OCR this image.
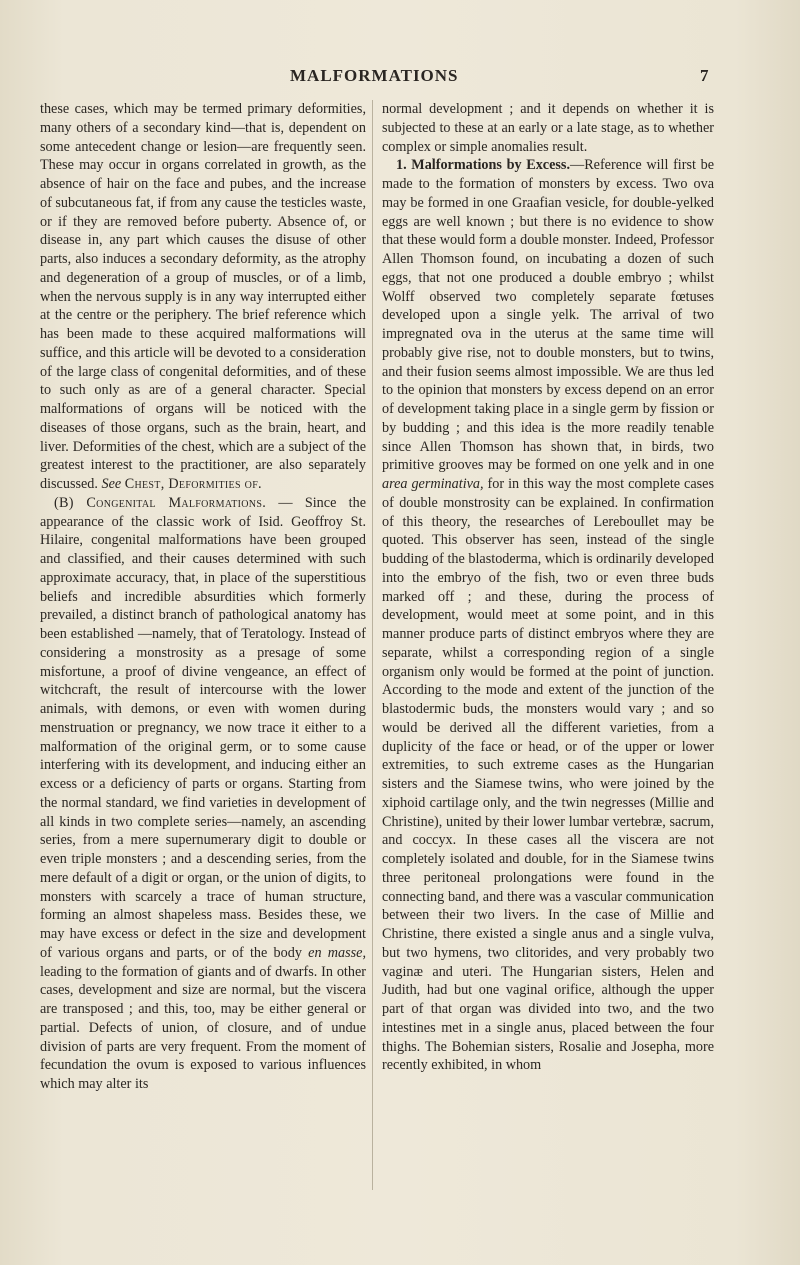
MALFORMATIONS	7

these cases, which may be termed primary deformities, many others of a secondary kind—that is, dependent on some antecedent change or lesion—are frequently seen. These may occur in organs correlated in growth, as the absence of hair on the face and pubes, and the increase of subcutaneous fat, if from any cause the testicles waste, or if they are removed before puberty. Absence of, or disease in, any part which causes the disuse of other parts, also induces a secondary deformity, as the atrophy and degeneration of a group of muscles, or of a limb, when the nervous supply is in any way interrupted either at the centre or the periphery. The brief reference which has been made to these acquired malformations will suffice, and this article will be devoted to a consideration of the large class of congenital deformities, and of these to such only as are of a general character. Special malformations of organs will be noticed with the diseases of those organs, such as the brain, heart, and liver. Deformities of the chest, which are a subject of the greatest interest to the practitioner, are also separately discussed. See Chest, Deformities of.

(B) Congenital Malformations. — Since the appearance of the classic work of Isid. Geoffroy St. Hilaire, congenital malformations have been grouped and classified, and their causes determined with such approximate accuracy, that, in place of the superstitious beliefs and incredible absurdities which formerly prevailed, a distinct branch of pathological anatomy has been established —namely, that of Teratology. Instead of considering a monstrosity as a presage of some misfortune, a proof of divine vengeance, an effect of witchcraft, the result of intercourse with the lower animals, with demons, or even with women during menstruation or pregnancy, we now trace it either to a malformation of the original germ, or to some cause interfering with its development, and inducing either an excess or a deficiency of parts or organs. Starting from the normal standard, we find varieties in development of all kinds in two complete series—namely, an ascending series, from a mere supernumerary digit to double or even triple monsters ; and a descending series, from the mere default of a digit or organ, or the union of digits, to monsters with scarcely a trace of human structure, forming an almost shapeless mass. Besides these, we may have excess or defect in the size and development of various organs and parts, or of the body en masse, leading to the formation of giants and of dwarfs. In other cases, development and size are normal, but the viscera are transposed ; and this, too, may be either general or partial. Defects of union, of closure, and of undue division of parts are very frequent. From the moment of fecundation the ovum is exposed to various influences which may alter its

normal development ; and it depends on whether it is subjected to these at an early or a late stage, as to whether complex or simple anomalies result.

1. Malformations by Excess.—Reference will first be made to the formation of monsters by excess. Two ova may be formed in one Graafian vesicle, for double-yelked eggs are well known ; but there is no evidence to show that these would form a double monster. Indeed, Professor Allen Thomson found, on incubating a dozen of such eggs, that not one produced a double embryo ; whilst Wolff observed two completely separate fœtuses developed upon a single yelk. The arrival of two impregnated ova in the uterus at the same time will probably give rise, not to double monsters, but to twins, and their fusion seems almost impossible. We are thus led to the opinion that monsters by excess depend on an error of development taking place in a single germ by fission or by budding ; and this idea is the more readily tenable since Allen Thomson has shown that, in birds, two primitive grooves may be formed on one yelk and in one area germinativa, for in this way the most complete cases of double monstrosity can be explained. In confirmation of this theory, the researches of Lereboullet may be quoted. This observer has seen, instead of the single budding of the blastoderma, which is ordinarily developed into the embryo of the fish, two or even three buds marked off ; and these, during the process of development, would meet at some point, and in this manner produce parts of distinct embryos where they are separate, whilst a corresponding region of a single organism only would be formed at the point of junction. According to the mode and extent of the junction of the blastodermic buds, the monsters would vary ; and so would be derived all the different varieties, from a duplicity of the face or head, or of the upper or lower extremities, to such extreme cases as the Hungarian sisters and the Siamese twins, who were joined by the xiphoid cartilage only, and the twin negresses (Millie and Christine), united by their lower lumbar vertebræ, sacrum, and coccyx. In these cases all the viscera are not completely isolated and double, for in the Siamese twins three peritoneal prolongations were found in the connecting band, and there was a vascular communication between their two livers. In the case of Millie and Christine, there existed a single anus and a single vulva, but two hymens, two clitorides, and very probably two vaginæ and uteri. The Hungarian sisters, Helen and Judith, had but one vaginal orifice, although the upper part of that organ was divided into two, and the two intestines met in a single anus, placed between the four thighs. The Bohemian sisters, Rosalie and Josepha, more recently exhibited, in whom
